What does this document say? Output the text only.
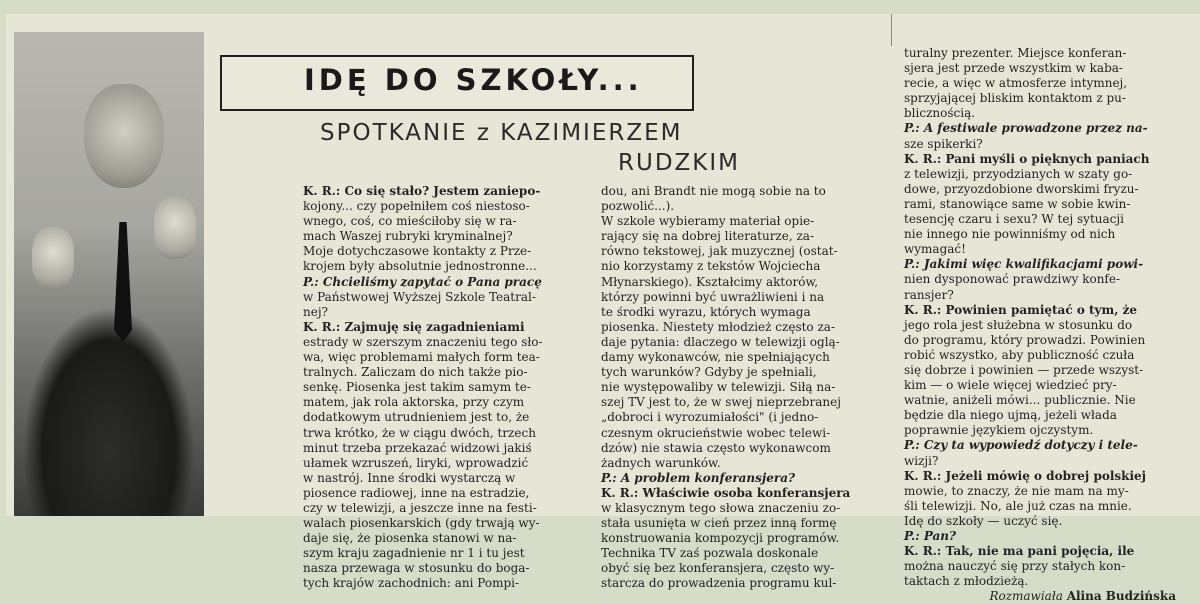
IDĘ DO SZKOŁY...
SPOTKANIE z KAZIMIERZEM
RUDZKIM

K. R.: Co się stało? Jestem zaniepo-

kojony... czy popełniłem coś niestoso-

wnego, coś, co mieściłoby się w ra-

mach Waszej rubryki kryminalnej?

Moje dotychczasowe kontakty z Prze-

krojem były absolutnie jednostronne...

P.: Chcieliśmy zapytać o Pana pracę

w Państwowej Wyższej Szkole Teatral-

nej?

K. R.: Zajmuję się zagadnieniami

estrady w szerszym znaczeniu tego sło-

wa, więc problemami małych form tea-

tralnych. Zaliczam do nich także pio-

senkę. Piosenka jest takim samym te-

matem, jak rola aktorska, przy czym

dodatkowym utrudnieniem jest to, że

trwa krótko, że w ciągu dwóch, trzech

minut trzeba przekazać widzowi jakiś

ułamek wzruszeń, liryki, wprowadzić

w nastrój. Inne środki wystarczą w

piosence radiowej, inne na estradzie,

czy w telewizji, a jeszcze inne na festi-

walach piosenkarskich (gdy trwają wy-

daje się, że piosenka stanowi w na-

szym kraju zagadnienie nr 1 i tu jest

nasza przewaga w stosunku do boga-

tych krajów zachodnich: ani Pompi-

dou, ani Brandt nie mogą sobie na to

pozwolić...).

W szkole wybieramy materiał opie-

rający się na dobrej literaturze, za-

równo tekstowej, jak muzycznej (ostat-

nio korzystamy z tekstów Wojciecha

Młynarskiego). Kształcimy aktorów,

którzy powinni być uwrażliwieni i na

te środki wyrazu, których wymaga

piosenka. Niestety młodzież często za-

daje pytania: dlaczego w telewizji oglą-

damy wykonawców, nie spełniających

tych warunków? Gdyby je spełniali,

nie występowaliby w telewizji. Siłą na-

szej TV jest to, że w swej nieprzebranej

„dobroci i wyrozumiałości" (i jedno-

czesnym okrucieństwie wobec telewi-

dzów) nie stawia często wykonawcom

żadnych warunków.

P.: A problem konferansjera?

K. R.: Właściwie osoba konferansjera

w klasycznym tego słowa znaczeniu zo-

stała usunięta w cień przez inną formę

konstruowania kompozycji programów.

Technika TV zaś pozwala doskonale

obyć się bez konferansjera, często wy-

starcza do prowadzenia programu kul-

turalny prezenter. Miejsce konferan-

sjera jest przede wszystkim w kaba-

recie, a więc w atmosferze intymnej,

sprzyjającej bliskim kontaktom z pu-

blicznością.

P.: A festiwale prowadzone przez na-

sze spikerki?

K. R.: Pani myśli o pięknych paniach

z telewizji, przyodzianych w szaty go-

dowe, przyozdobione dworskimi fryzu-

rami, stanowiące same w sobie kwin-

tesencję czaru i sexu? W tej sytuacji

nie innego nie powinniśmy od nich

wymagać!

P.: Jakimi więc kwalifikacjami powi-

nien dysponować prawdziwy konfe-

ransjer?

K. R.: Powinien pamiętać o tym, że

jego rola jest służebna w stosunku do

do programu, który prowadzi. Powinien

robić wszystko, aby publiczność czuła

się dobrze i powinien — przede wszyst-

kim — o wiele więcej wiedzieć pry-

watnie, aniżeli mówi... publicznie. Nie

będzie dla niego ujmą, jeżeli włada

poprawnie językiem ojczystym.

P.: Czy ta wypowiedź dotyczy i tele-

wizji?

K. R.: Jeżeli mówię o dobrej polskiej

mowie, to znaczy, że nie mam na my-

śli telewizji. No, ale już czas na mnie.

Idę do szkoły — uczyć się.

P.: Pan?

K. R.: Tak, nie ma pani pojęcia, ile

można nauczyć się przy stałych kon-

taktach z młodzieżą.

Rozmawiała Alina Budzińska
